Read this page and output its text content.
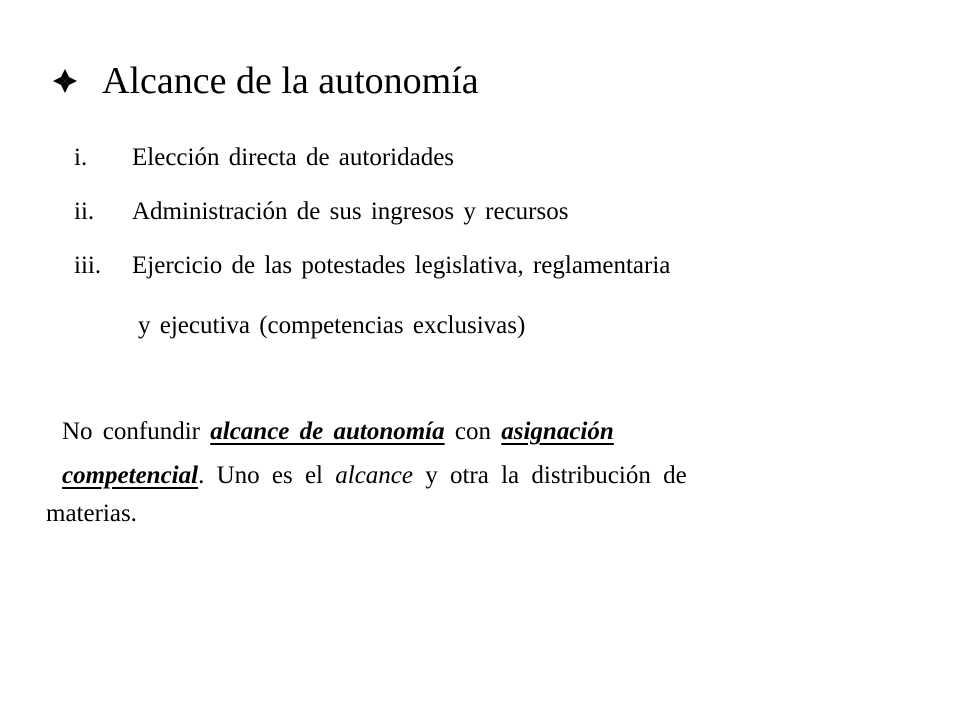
Alcance de la autonomía
i.	Elección directa de autoridades
ii.	Administración de sus ingresos y recursos
iii.	Ejercicio de las potestades legislativa, reglamentaria
y ejecutiva (competencias exclusivas)
No confundir alcance de autonomía con asignación
competencial. Uno es el alcance y otra la distribución de
materias.
